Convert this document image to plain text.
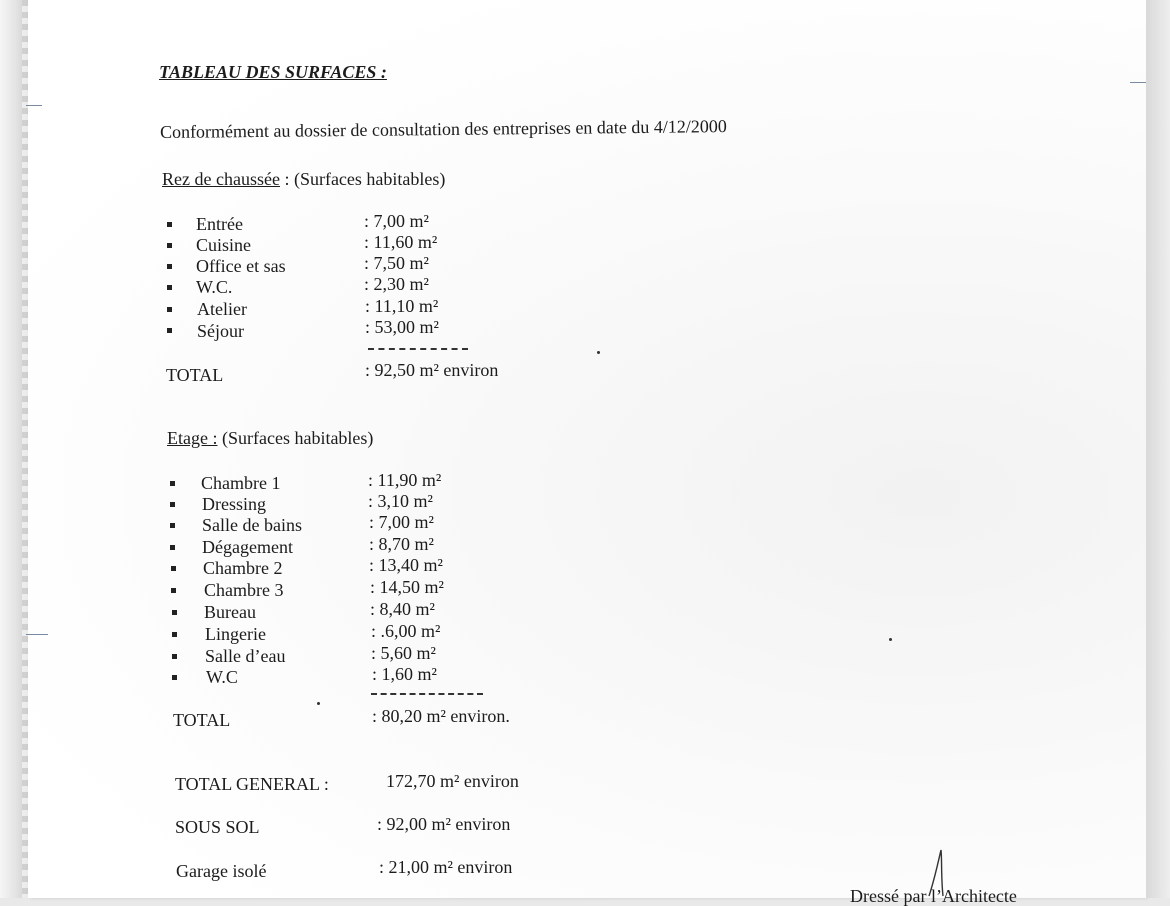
TABLEAU DES SURFACES :
Conformément au dossier de consultation des entreprises en date du 4/12/2000
Rez de chaussée : (Surfaces habitables)
Entrée	: 7,00 m²
Cuisine	: 11,60 m²
Office et sas	: 7,50 m²
W.C.	: 2,30 m²
Atelier	: 11,10 m²
Séjour	: 53,00 m²
TOTAL	: 92,50 m² environ
Etage : (Surfaces habitables)
Chambre 1	: 11,90 m²
Dressing	: 3,10 m²
Salle de bains	: 7,00 m²
Dégagement	: 8,70 m²
Chambre 2	: 13,40 m²
Chambre 3	: 14,50 m²
Bureau	: 8,40 m²
Lingerie	: .6,00 m²
Salle d’eau	: 5,60 m²
W.C	: 1,60 m²
TOTAL	: 80,20 m² environ.
TOTAL GENERAL :	172,70 m² environ
SOUS SOL	: 92,00 m² environ
Garage isolé	: 21,00 m² environ
Dressé par l’Architecte
